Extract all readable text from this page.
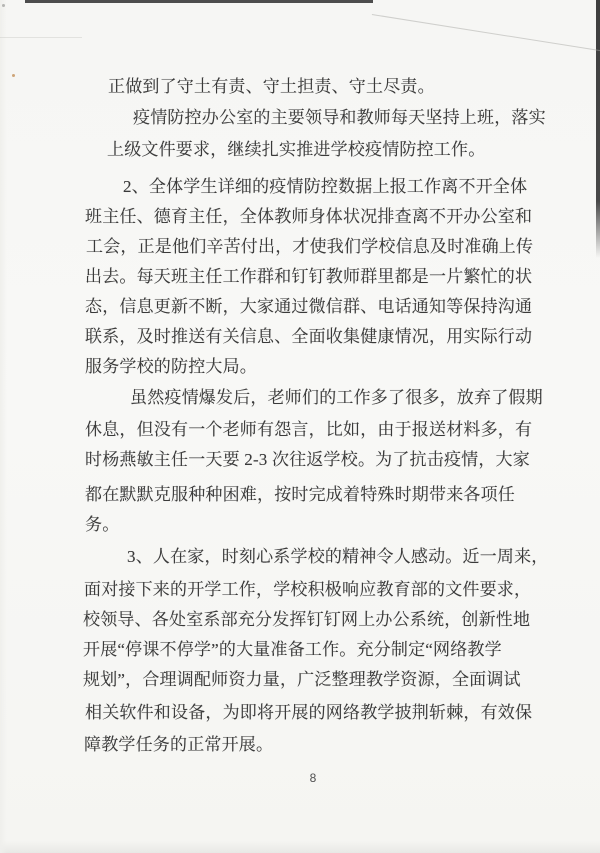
正做到了守土有责、守土担责、守土尽责。
疫情防控办公室的主要领导和教师每天坚持上班，落实
上级文件要求，继续扎实推进学校疫情防控工作。
2、全体学生详细的疫情防控数据上报工作离不开全体
班主任、德育主任，全体教师身体状况排查离不开办公室和
工会，正是他们辛苦付出，才使我们学校信息及时准确上传
出去。每天班主任工作群和钉钉教师群里都是一片繁忙的状
态，信息更新不断，大家通过微信群、电话通知等保持沟通
联系，及时推送有关信息、全面收集健康情况，用实际行动
服务学校的防控大局。
虽然疫情爆发后，老师们的工作多了很多，放弃了假期
休息，但没有一个老师有怨言，比如，由于报送材料多，有
时杨燕敏主任一天要 2-3 次往返学校。为了抗击疫情，大家
都在默默克服种种困难，按时完成着特殊时期带来各项任
务。
3、人在家，时刻心系学校的精神令人感动。近一周来，
面对接下来的开学工作，学校积极响应教育部的文件要求，
校领导、各处室系部充分发挥钉钉网上办公系统，创新性地
开展“停课不停学”的大量准备工作。充分制定“网络教学
规划”，合理调配师资力量，广泛整理教学资源，全面调试
相关软件和设备，为即将开展的网络教学披荆斩棘，有效保
障教学任务的正常开展。
8
